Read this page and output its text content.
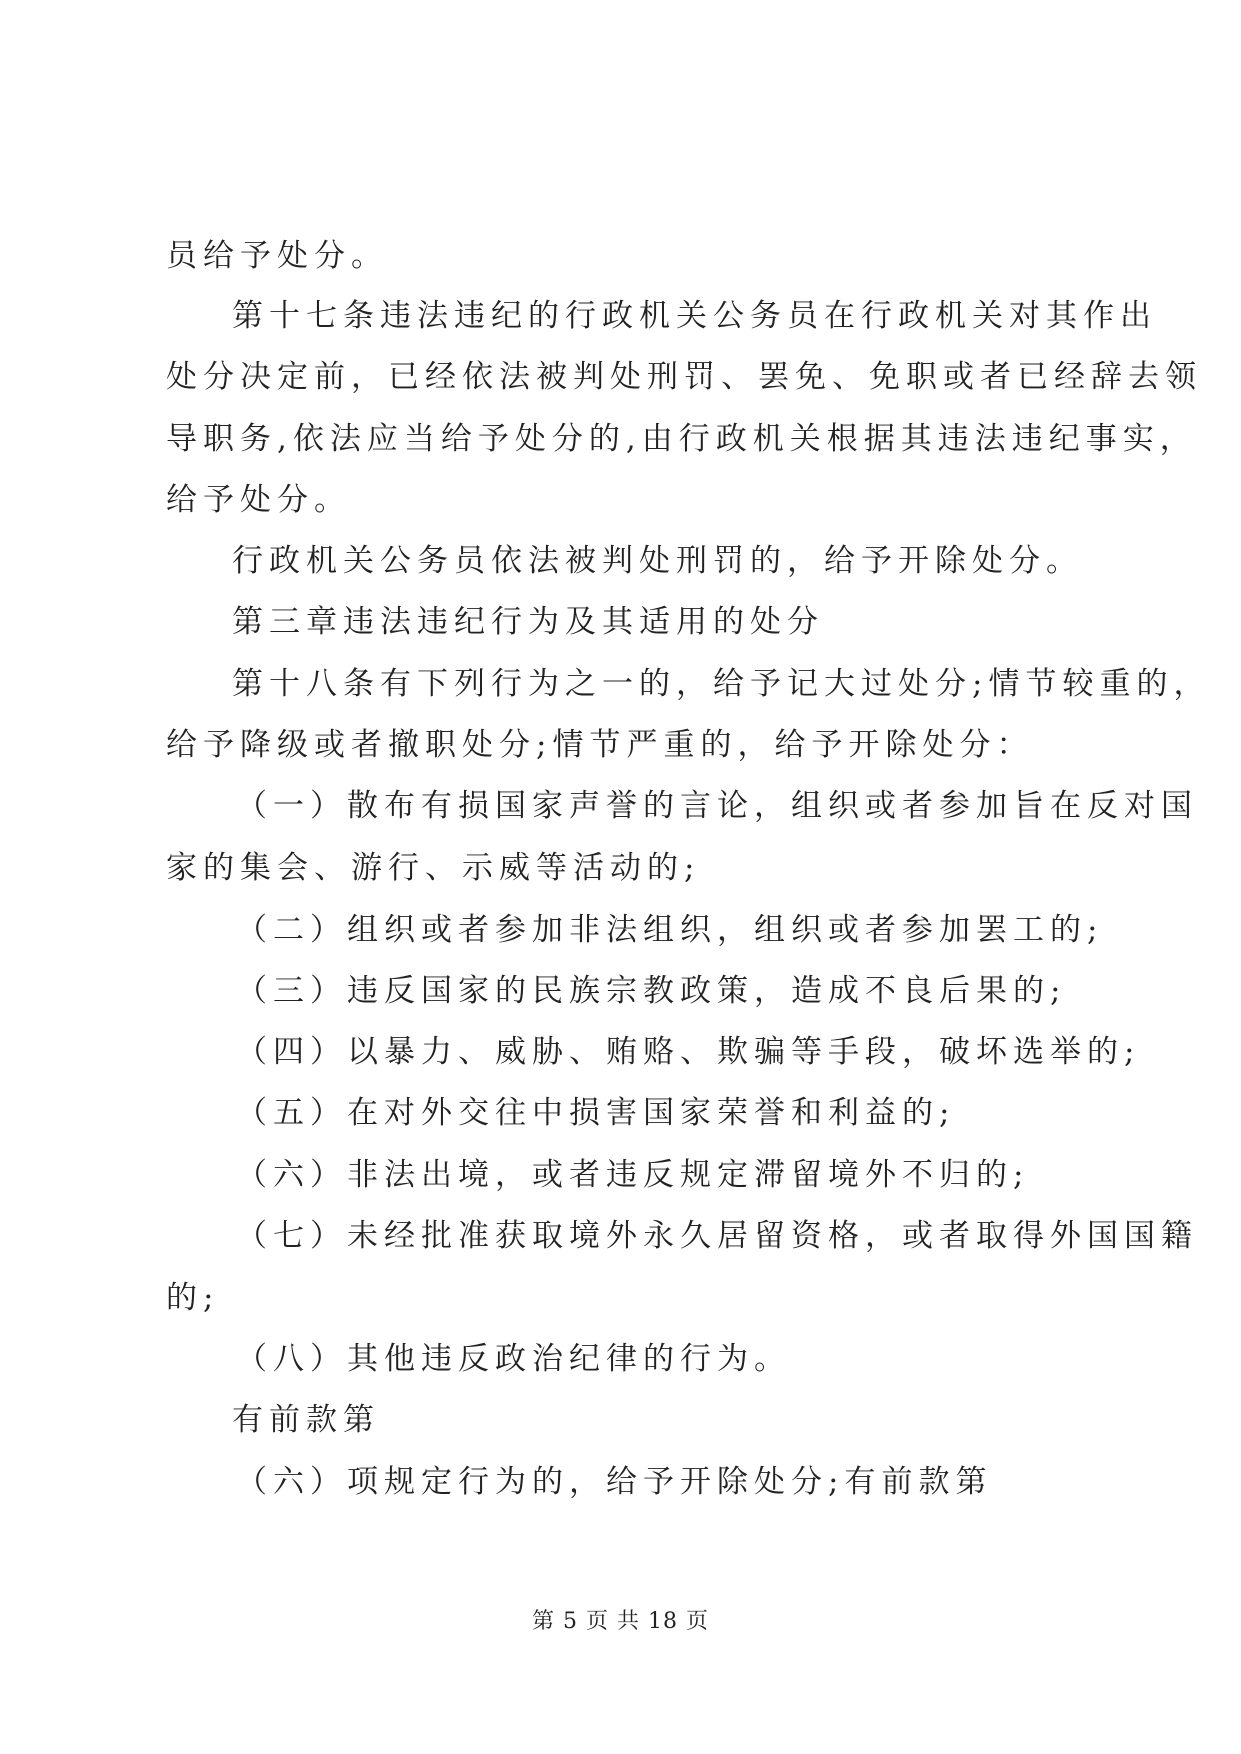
员给予处分。
第十七条违法违纪的行政机关公务员在行政机关对其作出
处分决定前，已经依法被判处刑罚、罢免、免职或者已经辞去领
导职务,依法应当给予处分的,由行政机关根据其违法违纪事实，
给予处分。
行政机关公务员依法被判处刑罚的，给予开除处分。
第三章违法违纪行为及其适用的处分
第十八条有下列行为之一的，给予记大过处分;情节较重的，
给予降级或者撤职处分;情节严重的，给予开除处分：
（一）散布有损国家声誉的言论，组织或者参加旨在反对国
家的集会、游行、示威等活动的;
（二）组织或者参加非法组织，组织或者参加罢工的;
（三）违反国家的民族宗教政策，造成不良后果的;
（四）以暴力、威胁、贿赂、欺骗等手段，破坏选举的;
（五）在对外交往中损害国家荣誉和利益的;
（六）非法出境，或者违反规定滞留境外不归的;
（七）未经批准获取境外永久居留资格，或者取得外国国籍
的;
（八）其他违反政治纪律的行为。
有前款第
（六）项规定行为的，给予开除处分;有前款第
第 5 页 共 18 页
